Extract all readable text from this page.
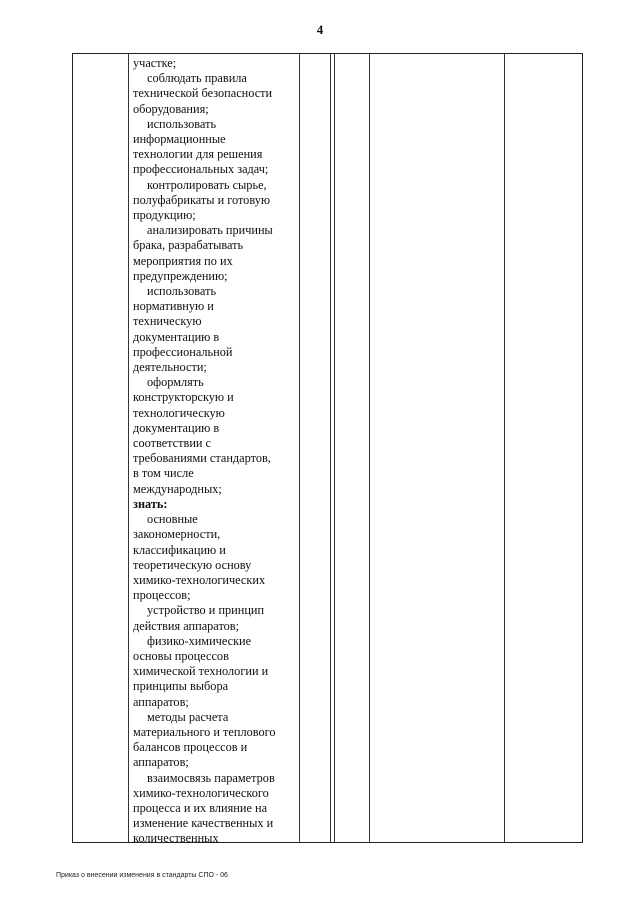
4
участке;
соблюдать правила
технической безопасности
оборудования;
использовать
информационные
технологии для решения
профессиональных задач;
контролировать сырье,
полуфабрикаты и готовую
продукцию;
анализировать причины
брака, разрабатывать
мероприятия по их
предупреждению;
использовать
нормативную и
техническую
документацию в
профессиональной
деятельности;
оформлять
конструкторскую и
технологическую
документацию в
соответствии с
требованиями стандартов,
в том числе
международных;
знать:
основные
закономерности,
классификацию и
теоретическую основу
химико-технологических
процессов;
устройство и принцип
действия аппаратов;
физико-химические
основы процессов
химической технологии и
принципы выбора
аппаратов;
методы расчета
материального и теплового
балансов процессов и
аппаратов;
взаимосвязь параметров
химико-технологического
процесса и их влияние на
изменение качественных и
количественных
Приказ о внесении изменения в стандарты СПО - 06
